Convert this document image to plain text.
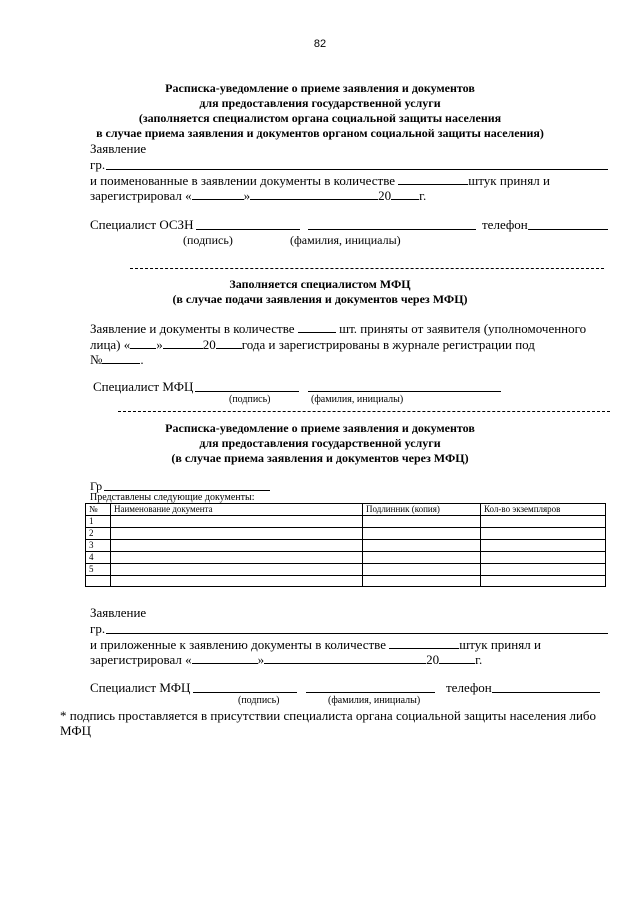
82
Расписка-уведомление о приеме заявления и документов
для предоставления государственной услуги
(заполняется специалистом органа социальной защиты населения
в случае приема заявления и документов органом социальной защиты населения)
Заявление
гр.
и поименованные в заявлении документы в количестве	штук принял и
зарегистрировал «	»	20 г.
Специалист ОСЗН	телефон
(подпись)	(фамилия, инициалы)
Заполняется специалистом МФЦ
(в случае подачи заявления и документов через МФЦ)
Заявление и документы в количестве	шт. приняты от заявителя (уполномоченного
лица) « »	20 года и зарегистрированы в журнале регистрации под
№	.
Специалист МФЦ
(подпись)	(фамилия, инициалы)
Расписка-уведомление о приеме заявления и документов
для предоставления государственной услуги
(в случае приема заявления и документов через МФЦ)
Гр
Представлены следующие документы:
№	Наименование документа	Подлинник (копия)	Кол-во экземпляров
1			
2			
3			
4			
5			

Заявление
гр.
и приложенные к заявлению документы в количестве	штук принял и
зарегистрировал «	»	20	г.
Специалист МФЦ	телефон
(подпись)	(фамилия, инициалы)
* подпись проставляется в присутствии специалиста органа социальной защиты населения либо МФЦ
